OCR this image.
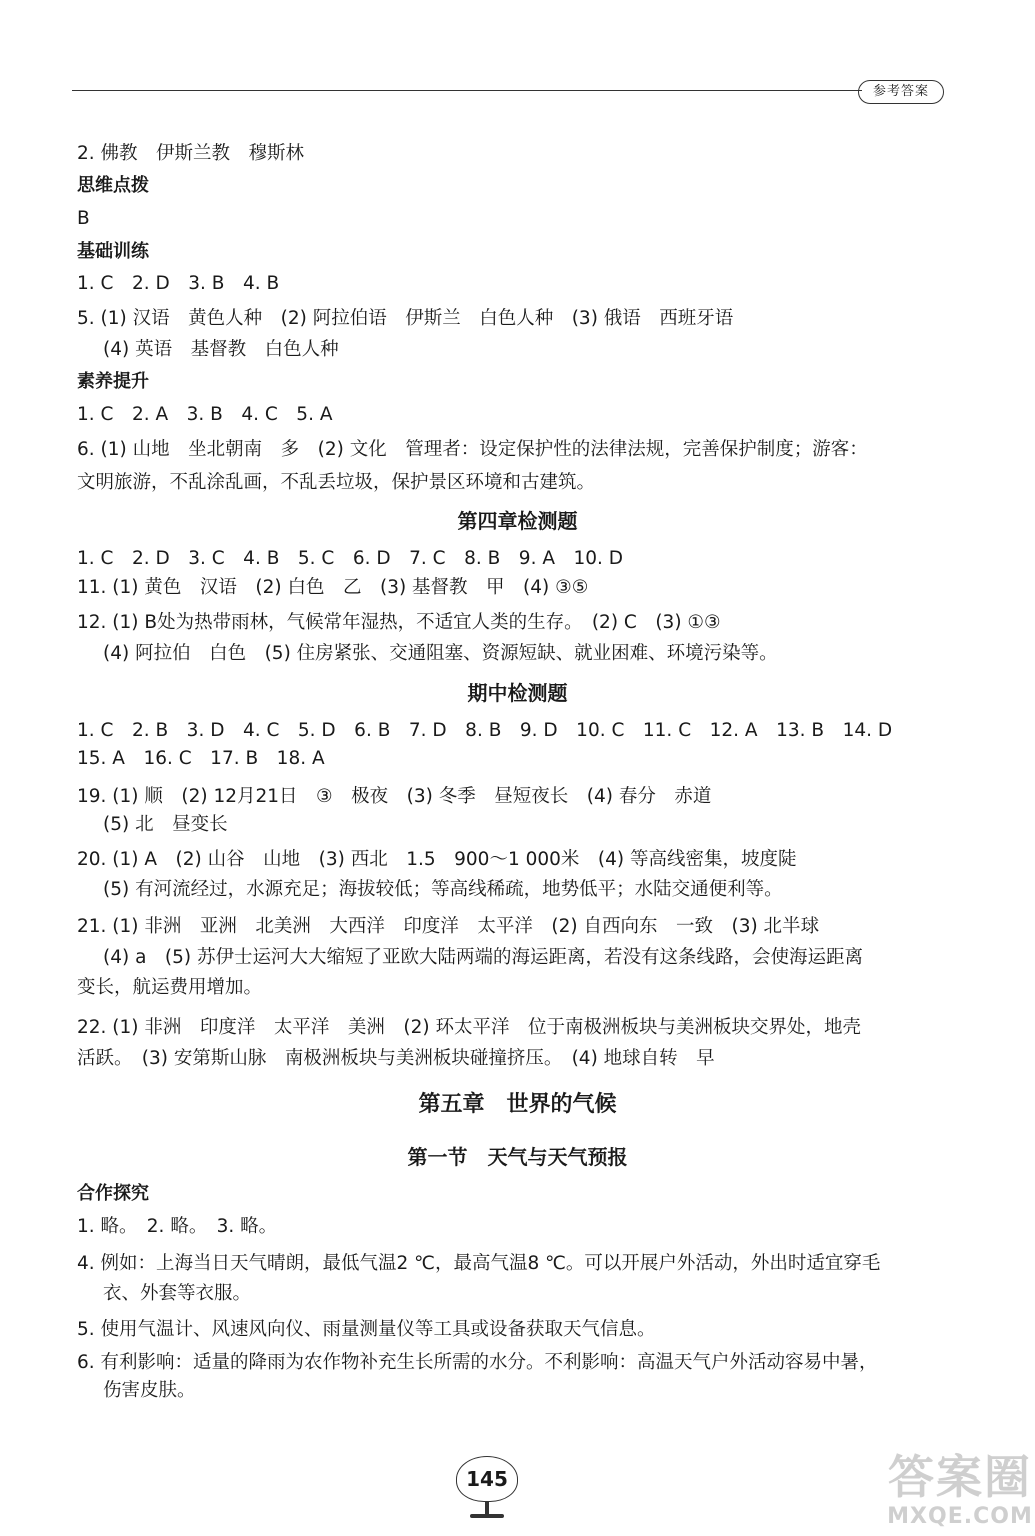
参考答案
2. 佛教　伊斯兰教　穆斯林
思维点拨
B
基础训练
1. C　2. D　3. B　4. B
5. (1) 汉语　黄色人种　(2) 阿拉伯语　伊斯兰　白色人种　(3) 俄语　西班牙语
(4) 英语　基督教　白色人种
素养提升
1. C　2. A　3. B　4. C　5. A
6. (1) 山地　坐北朝南　多　(2) 文化　管理者：设定保护性的法律法规，完善保护制度；游客：
文明旅游，不乱涂乱画，不乱丢垃圾，保护景区环境和古建筑。
第四章检测题
1. C　2. D　3. C　4. B　5. C　6. D　7. C　8. B　9. A　10. D
11. (1) 黄色　汉语　(2) 白色　乙　(3) 基督教　甲　(4) ③⑤
12. (1) B处为热带雨林，气候常年湿热，不适宜人类的生存。　(2) C　(3) ①③
(4) 阿拉伯　白色　(5) 住房紧张、交通阻塞、资源短缺、就业困难、环境污染等。
期中检测题
1. C　2. B　3. D　4. C　5. D　6. B　7. D　8. B　9. D　10. C　11. C　12. A　13. B　14. D
15. A　16. C　17. B　18. A
19. (1) 顺　(2) 12月21日　③　极夜　(3) 冬季　昼短夜长　(4) 春分　赤道
(5) 北　昼变长
20. (1) A　(2) 山谷　山地　(3) 西北　1.5　900～1 000米　(4) 等高线密集，坡度陡
(5) 有河流经过，水源充足；海拔较低；等高线稀疏，地势低平；水陆交通便利等。
21. (1) 非洲　亚洲　北美洲　大西洋　印度洋　太平洋　(2) 自西向东　一致　(3) 北半球
(4) a　(5) 苏伊士运河大大缩短了亚欧大陆两端的海运距离，若没有这条线路，会使海运距离
变长，航运费用增加。
22. (1) 非洲　印度洋　太平洋　美洲　(2) 环太平洋　位于南极洲板块与美洲板块交界处，地壳
活跃。　(3) 安第斯山脉　南极洲板块与美洲板块碰撞挤压。　(4) 地球自转　早
第五章　世界的气候
第一节　天气与天气预报
合作探究
1. 略。　2. 略。　3. 略。
4. 例如：上海当日天气晴朗，最低气温2 ℃，最高气温8 ℃。可以开展户外活动，外出时适宜穿毛
衣、外套等衣服。
5. 使用气温计、风速风向仪、雨量测量仪等工具或设备获取天气信息。
6. 有利影响：适量的降雨为农作物补充生长所需的水分。不利影响：高温天气户外活动容易中暑，
伤害皮肤。
145	答案圈
MXQE.COM
